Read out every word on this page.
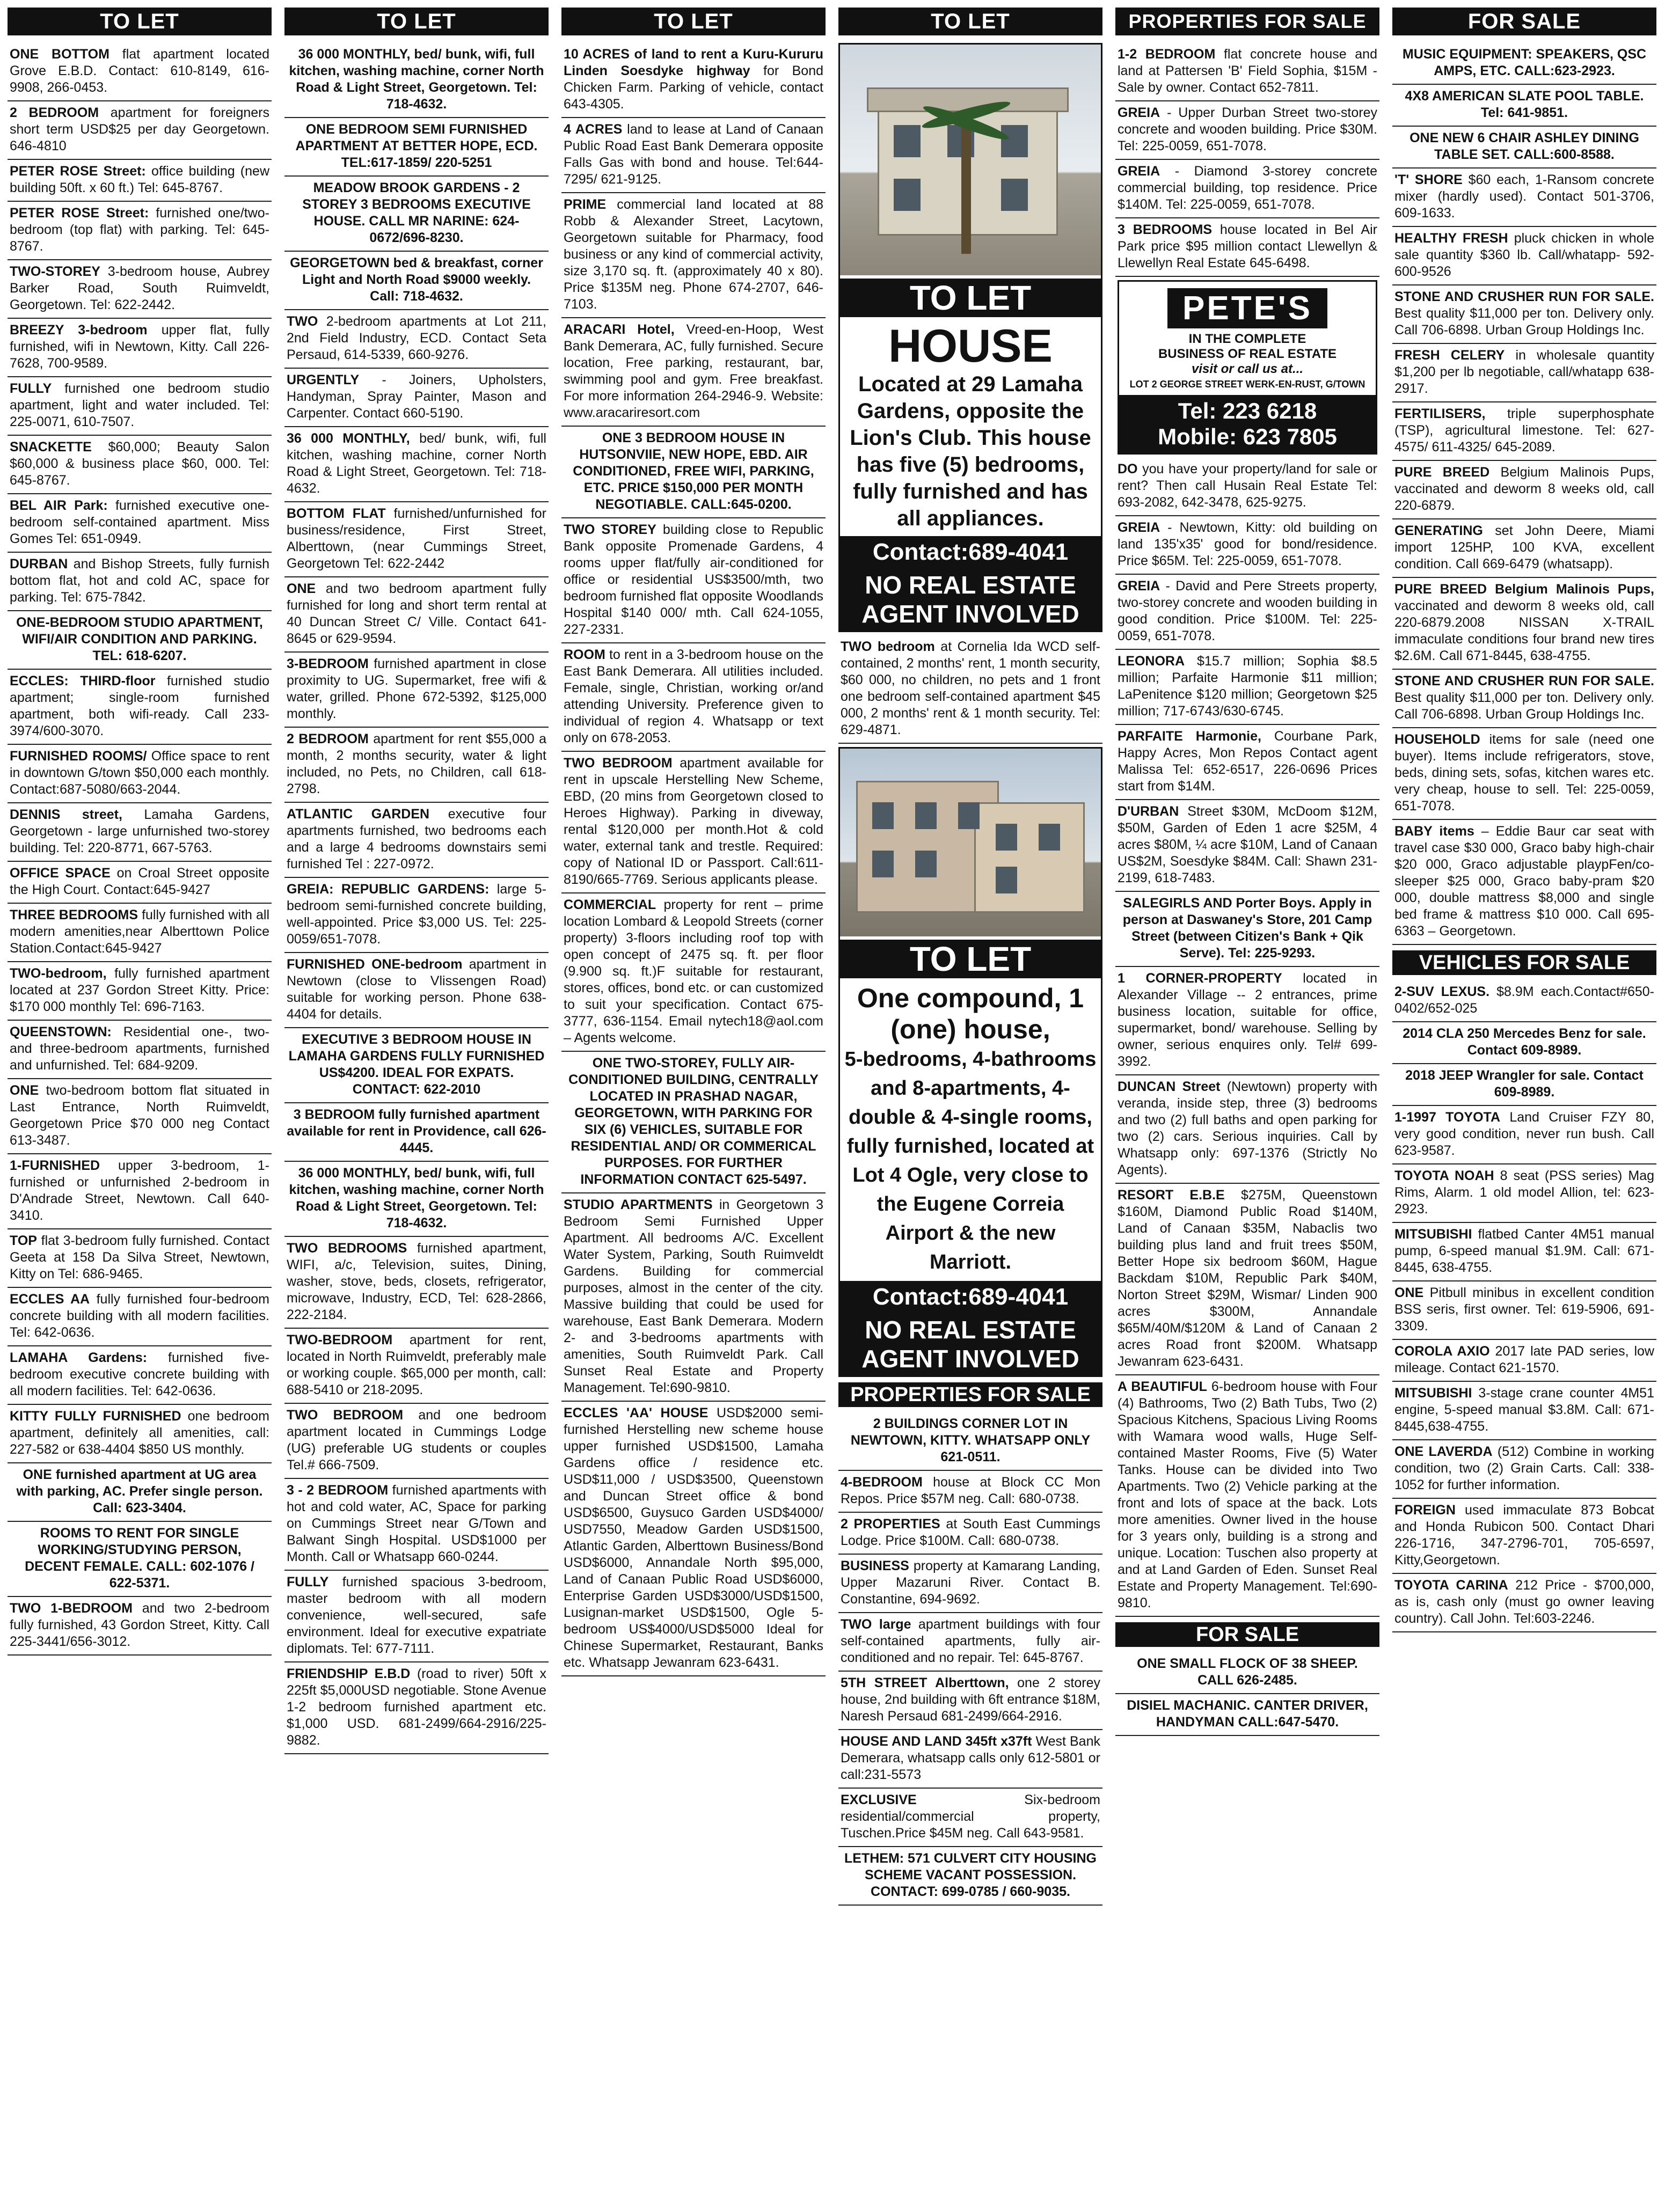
TO LET
ONE BOTTOM flat apartment located Grove E.B.D. Contact: 610-8149, 616-9908, 266-0453.
2 BEDROOM apartment for foreigners short term USD$25 per day Georgetown. 646-4810
PETER ROSE Street: office building (new building 50ft. x 60 ft.) Tel: 645-8767.
PETER ROSE Street: furnished one/two-bedroom (top flat) with parking. Tel: 645-8767.
TWO-STOREY 3-bedroom house, Aubrey Barker Road, South Ruimveldt, Georgetown. Tel: 622-2442.
BREEZY 3-bedroom upper flat, fully furnished, wifi in Newtown, Kitty. Call 226-7628, 700-9589.
FULLY furnished one bedroom studio apartment, light and water included. Tel: 225-0071, 610-7507.
SNACKETTE $60,000; Beauty Salon $60,000 & business place $60, 000. Tel: 645-8767.
BEL AIR Park: furnished executive one-bedroom self-contained apartment. Miss Gomes Tel: 651-0949.
DURBAN and Bishop Streets, fully furnish bottom flat, hot and cold AC, space for parking. Tel: 675-7842.
ONE-BEDROOM STUDIO APARTMENT, WIFI/AIR CONDITION AND PARKING. TEL: 618-6207.
ECCLES: THIRD-floor furnished studio apartment; single-room furnished apartment, both wifi-ready. Call 233-3974/600-3070.
FURNISHED ROOMS/ Office space to rent in downtown G/town $50,000 each monthly. Contact:687-5080/663-2044.
DENNIS street, Lamaha Gardens, Georgetown - large unfurnished two-storey building. Tel: 220-8771, 667-5763.
OFFICE SPACE on Croal Street opposite the High Court. Contact:645-9427
THREE BEDROOMS fully furnished with all modern amenities,near Alberttown Police Station.Contact:645-9427
TWO-bedroom, fully furnished apartment located at 237 Gordon Street Kitty. Price: $170 000 monthly Tel: 696-7163.
QUEENSTOWN: Residential one-, two- and three-bedroom apartments, furnished and unfurnished. Tel: 684-9209.
ONE two-bedroom bottom flat situated in Last Entrance, North Ruimveldt, Georgetown Price $70 000 neg Contact 613-3487.
1-FURNISHED upper 3-bedroom, 1-furnished or unfurnished 2-bedroom in D'Andrade Street, Newtown. Call 640-3410.
TOP flat 3-bedroom fully furnished. Contact Geeta at 158 Da Silva Street, Newtown, Kitty on Tel: 686-9465.
ECCLES AA fully furnished four-bedroom concrete building with all modern facilities. Tel: 642-0636.
LAMAHA Gardens: furnished five-bedroom executive concrete building with all modern facilities. Tel: 642-0636.
KITTY FULLY FURNISHED one bedroom apartment, definitely all amenities, call: 227-582 or 638-4404 $850 US monthly.
ONE furnished apartment at UG area with parking, AC. Prefer single person. Call: 623-3404.
ROOMS TO RENT FOR SINGLE WORKING/STUDYING PERSON, DECENT FEMALE. CALL: 602-1076 / 622-5371.
TWO 1-BEDROOM and two 2-bedroom fully furnished, 43 Gordon Street, Kitty. Call 225-3441/656-3012.
TO LET
36 000 MONTHLY, bed/ bunk, wifi, full kitchen, washing machine, corner North Road & Light Street, Georgetown. Tel: 718-4632.
ONE BEDROOM SEMI FURNISHED APARTMENT AT BETTER HOPE, ECD. TEL:617-1859/ 220-5251
MEADOW BROOK GARDENS - 2 STOREY 3 BEDROOMS EXECUTIVE HOUSE. CALL MR NARINE: 624-0672/696-8230.
GEORGETOWN bed & breakfast, corner Light and North Road $9000 weekly. Call: 718-4632.
TWO 2-bedroom apartments at Lot 211, 2nd Field Industry, ECD. Contact Seta Persaud, 614-5339, 660-9276.
URGENTLY - Joiners, Upholsters, Handyman, Spray Painter, Mason and Carpenter. Contact 660-5190.
36 000 MONTHLY, bed/ bunk, wifi, full kitchen, washing machine, corner North Road & Light Street, Georgetown. Tel: 718-4632.
BOTTOM FLAT furnished/unfurnished for business/residence, First Street, Alberttown, (near Cummings Street, Georgetown Tel: 622-2442
ONE and two bedroom apartment fully furnished for long and short term rental at 40 Duncan Street C/ Ville. Contact 641-8645 or 629-9594.
3-BEDROOM furnished apartment in close proximity to UG. Supermarket, free wifi & water, grilled. Phone 672-5392, $125,000 monthly.
2 BEDROOM apartment for rent $55,000 a month, 2 months security, water & light included, no Pets, no Children, call 618-2798.
ATLANTIC GARDEN executive four apartments furnished, two bedrooms each and a large 4 bedrooms downstairs semi furnished Tel : 227-0972.
GREIA: REPUBLIC GARDENS: large 5-bedroom semi-furnished concrete building, well-appointed. Price $3,000 US. Tel: 225-0059/651-7078.
FURNISHED ONE-bedroom apartment in Newtown (close to Vlissengen Road) suitable for working person. Phone 638-4404 for details.
EXECUTIVE 3 BEDROOM HOUSE IN LAMAHA GARDENS FULLY FURNISHED US$4200. IDEAL FOR EXPATS. CONTACT: 622-2010
3 BEDROOM fully furnished apartment available for rent in Providence, call 626-4445.
36 000 MONTHLY, bed/ bunk, wifi, full kitchen, washing machine, corner North Road & Light Street, Georgetown. Tel: 718-4632.
TWO BEDROOMS furnished apartment, WIFI, a/c, Television, suites, Dining, washer, stove, beds, closets, refrigerator, microwave, Industry, ECD, Tel: 628-2866, 222-2184.
TWO-BEDROOM apartment for rent, located in North Ruimveldt, preferably male or working couple. $65,000 per month, call: 688-5410 or 218-2095.
TWO BEDROOM and one bedroom apartment located in Cummings Lodge (UG) preferable UG students or couples Tel.# 666-7509.
3 - 2 BEDROOM furnished apartments with hot and cold water, AC, Space for parking on Cummings Street near G/Town and Balwant Singh Hospital. USD$1000 per Month. Call or Whatsapp 660-0244.
FULLY furnished spacious 3-bedroom, master bedroom with all modern convenience, well-secured, safe environment. Ideal for executive expatriate diplomats. Tel: 677-7111.
FRIENDSHIP E.B.D (road to river) 50ft x 225ft $5,000USD negotiable. Stone Avenue 1-2 bedroom furnished apartment etc. $1,000 USD. 681-2499/664-2916/225-9882.
TO LET
10 ACRES of land to rent a Kuru-Kururu Linden Soesdyke highway for Bond Chicken Farm. Parking of vehicle, contact 643-4305.
4 ACRES land to lease at Land of Canaan Public Road East Bank Demerara opposite Falls Gas with bond and house. Tel:644-7295/ 621-9125.
PRIME commercial land located at 88 Robb & Alexander Street, Lacytown, Georgetown suitable for Pharmacy, food business or any kind of commercial activity, size 3,170 sq. ft. (approximately 40 x 80). Price $135M neg. Phone 674-2707, 646-7103.
ARACARI Hotel, Vreed-en-Hoop, West Bank Demerara, AC, fully furnished. Secure location, Free parking, restaurant, bar, swimming pool and gym. Free breakfast. For more information 264-2946-9. Website: www.aracariresort.com
ONE 3 BEDROOM HOUSE IN HUTSONVIIE, NEW HOPE, EBD. AIR CONDITIONED, FREE WIFI, PARKING, ETC. PRICE $150,000 PER MONTH NEGOTIABLE. CALL:645-0200.
TWO STOREY building close to Republic Bank opposite Promenade Gardens, 4 rooms upper flat/fully air-conditioned for office or residential US$3500/mth, two bedroom furnished flat opposite Woodlands Hospital $140 000/ mth. Call 624-1055, 227-2331.
ROOM to rent in a 3-bedroom house on the East Bank Demerara. All utilities included. Female, single, Christian, working or/and attending University. Preference given to individual of region 4. Whatsapp or text only on 678-2053.
TWO BEDROOM apartment available for rent in upscale Herstelling New Scheme, EBD, (20 mins from Georgetown closed to Heroes Highway). Parking in diveway, rental $120,000 per month.Hot & cold water, external tank and trestle. Required: copy of National ID or Passport. Call:611-8190/665-7769. Serious applicants please.
COMMERCIAL property for rent – prime location Lombard & Leopold Streets (corner property) 3-floors including roof top with open concept of 2475 sq. ft. per floor (9.900 sq. ft.)F suitable for restaurant, stores, offices, bond etc. or can customized to suit your specification. Contact 675-3777, 636-1154. Email nytech18@aol.com – Agents welcome.
ONE TWO-STOREY, FULLY AIR-CONDITIONED BUILDING, CENTRALLY LOCATED IN PRASHAD NAGAR, GEORGETOWN, WITH PARKING FOR SIX (6) VEHICLES, SUITABLE FOR RESIDENTIAL AND/ OR COMMERICAL PURPOSES. FOR FURTHER INFORMATION CONTACT 625-5497.
STUDIO APARTMENTS in Georgetown 3 Bedroom Semi Furnished Upper Apartment. All bedrooms A/C. Excellent Water System, Parking, South Ruimveldt Gardens. Building for commercial purposes, almost in the center of the city. Massive building that could be used for warehouse, East Bank Demerara. Modern 2- and 3-bedrooms apartments with amenities, South Ruimveldt Park. Call Sunset Real Estate and Property Management. Tel:690-9810.
ECCLES 'AA' HOUSE USD$2000 semi- furnished Herstelling new scheme house upper furnished USD$1500, Lamaha Gardens office / residence etc. USD$11,000 / USD$3500, Queenstown and Duncan Street office & bond USD$6500, Guysuco Garden USD$4000/ USD7550, Meadow Garden USD$1500, Atlantic Garden, Alberttown Business/Bond USD$6000, Annandale North $95,000, Land of Canaan Public Road USD$6000, Enterprise Garden USD$3000/USD$1500, Lusignan-market USD$1500, Ogle 5-bedroom US$4000/USD$5000 Ideal for Chinese Supermarket, Restaurant, Banks etc. Whatsapp Jewanram 623-6431.
TO LET
TO LET
HOUSE
Located at 29 Lamaha Gardens, opposite the Lion's Club. This house has five (5) bedrooms, fully furnished and has all appliances.
Contact:689-4041
NO REAL ESTATE AGENT INVOLVED
TWO bedroom at Cornelia Ida WCD self-contained, 2 months' rent, 1 month security, $60 000, no children, no pets and 1 front one bedroom self-contained apartment $45 000, 2 months' rent & 1 month security. Tel: 629-4871.
TO LET
One compound, 1 (one) house,
5-bedrooms, 4-bathrooms and 8-apartments, 4-double & 4-single rooms, fully furnished, located at Lot 4 Ogle, very close to the Eugene Correia Airport & the new Marriott.
Contact:689-4041
NO REAL ESTATE AGENT INVOLVED
PROPERTIES FOR SALE
2 BUILDINGS CORNER LOT IN NEWTOWN, KITTY. WHATSAPP ONLY 621-0511.
4-BEDROOM house at Block CC Mon Repos. Price $57M neg. Call: 680-0738.
2 PROPERTIES at South East Cummings Lodge. Price $100M. Call: 680-0738.
BUSINESS property at Kamarang Landing, Upper Mazaruni River. Contact B. Constantine, 694-9692.
TWO large apartment buildings with four self-contained apartments, fully air-conditioned and no repair. Tel: 645-8767.
5TH STREET Alberttown, one 2 storey house, 2nd building with 6ft entrance $18M, Naresh Persaud 681-2499/664-2916.
HOUSE AND LAND 345ft x37ft West Bank Demerara, whatsapp calls only 612-5801 or call:231-5573
EXCLUSIVE Six-bedroom residential/commercial property, Tuschen.Price $45M neg. Call 643-9581.
LETHEM: 571 CULVERT CITY HOUSING SCHEME VACANT POSSESSION. CONTACT: 699-0785 / 660-9035.
PROPERTIES FOR SALE
1-2 BEDROOM flat concrete house and land at Pattersen 'B' Field Sophia, $15M - Sale by owner. Contact 652-7811.
GREIA - Upper Durban Street two-storey concrete and wooden building. Price $30M. Tel: 225-0059, 651-7078.
GREIA - Diamond 3-storey concrete commercial building, top residence. Price $140M. Tel: 225-0059, 651-7078.
3 BEDROOMS house located in Bel Air Park price $95 million contact Llewellyn & Llewellyn Real Estate 645-6498.
PETE'S
IN THE COMPLETE
BUSINESS OF REAL ESTATE
visit or call us at...
LOT 2 GEORGE STREET WERK-EN-RUST, G/TOWN
Tel: 223 6218
Mobile: 623 7805
DO you have your property/land for sale or rent? Then call Husain Real Estate Tel: 693-2082, 642-3478, 625-9275.
GREIA - Newtown, Kitty: old building on land 135'x35' good for bond/residence. Price $65M. Tel: 225-0059, 651-7078.
GREIA - David and Pere Streets property, two-storey concrete and wooden building in good condition. Price $100M. Tel: 225-0059, 651-7078.
LEONORA $15.7 million; Sophia $8.5 million; Parfaite Harmonie $11 million; LaPenitence $120 million; Georgetown $25 million; 717-6743/630-6745.
PARFAITE Harmonie, Courbane Park, Happy Acres, Mon Repos Contact agent Malissa Tel: 652-6517, 226-0696 Prices start from $14M.
D'URBAN Street $30M, McDoom $12M, $50M, Garden of Eden 1 acre $25M, 4 acres $80M, ¼ acre $10M, Land of Canaan US$2M, Soesdyke $84M. Call: Shawn 231-2199, 618-7483.
SALEGIRLS AND Porter Boys. Apply in person at Daswaney's Store, 201 Camp Street (between Citizen's Bank + Qik Serve). Tel: 225-9293.
1 CORNER-PROPERTY located in Alexander Village -- 2 entrances, prime business location, suitable for office, supermarket, bond/ warehouse. Selling by owner, serious enquires only. Tel# 699-3992.
DUNCAN Street (Newtown) property with veranda, inside step, three (3) bedrooms and two (2) full baths and open parking for two (2) cars. Serious inquiries. Call by Whatsapp only: 697-1376 (Strictly No Agents).
RESORT E.B.E $275M, Queenstown $160M, Diamond Public Road $140M, Land of Canaan $35M, Nabaclis two building plus land and fruit trees $50M, Better Hope six bedroom $60M, Hague Backdam $10M, Republic Park $40M, Norton Street $29M, Wismar/ Linden 900 acres $300M, Annandale $65M/40M/$120M & Land of Canaan 2 acres Road front $200M. Whatsapp Jewanram 623-6431.
A BEAUTIFUL 6-bedroom house with Four (4) Bathrooms, Two (2) Bath Tubs, Two (2) Spacious Kitchens, Spacious Living Rooms with Wamara wood walls, Huge Self-contained Master Rooms, Five (5) Water Tanks. House can be divided into Two Apartments. Two (2) Vehicle parking at the front and lots of space at the back. Lots more amenities. Owner lived in the house for 3 years only, building is a strong and unique. Location: Tuschen also property at and at Land Garden of Eden. Sunset Real Estate and Property Management. Tel:690-9810.
FOR SALE
ONE SMALL FLOCK OF 38 SHEEP. CALL 626-2485.
DISIEL MACHANIC. CANTER DRIVER, HANDYMAN CALL:647-5470.
FOR SALE
MUSIC EQUIPMENT: SPEAKERS, QSC AMPS, ETC. CALL:623-2923.
4X8 AMERICAN SLATE POOL TABLE. Tel: 641-9851.
ONE NEW 6 CHAIR ASHLEY DINING TABLE SET. CALL:600-8588.
'T' SHORE $60 each, 1-Ransom concrete mixer (hardly used). Contact 501-3706, 609-1633.
HEALTHY FRESH pluck chicken in whole sale quantity $360 lb. Call/whatapp- 592-600-9526
STONE AND CRUSHER RUN FOR SALE. Best quality $11,000 per ton. Delivery only. Call 706-6898. Urban Group Holdings Inc.
FRESH CELERY in wholesale quantity $1,200 per lb negotiable, call/whatapp 638-2917.
FERTILISERS, triple superphosphate (TSP), agricultural limestone. Tel: 627-4575/ 611-4325/ 645-2089.
PURE BREED Belgium Malinois Pups, vaccinated and deworm 8 weeks old, call 220-6879.
GENERATING set John Deere, Miami import 125HP, 100 KVA, excellent condition. Call 669-6479 (whatsapp).
PURE BREED Belgium Malinois Pups, vaccinated and deworm 8 weeks old, call 220-6879.2008 NISSAN X-TRAIL immaculate conditions four brand new tires $2.6M. Call 671-8445, 638-4755.
STONE AND CRUSHER RUN FOR SALE. Best quality $11,000 per ton. Delivery only. Call 706-6898. Urban Group Holdings Inc.
HOUSEHOLD items for sale (need one buyer). Items include refrigerators, stove, beds, dining sets, sofas, kitchen wares etc. very cheap, house to sell. Tel: 225-0059, 651-7078.
BABY items – Eddie Baur car seat with travel case $30 000, Graco baby high-chair $20 000, Graco adjustable playpFen/co-sleeper $25 000, Graco baby-pram $20 000, double mattress $8,000 and single bed frame & mattress $10 000. Call 695-6363 – Georgetown.
VEHICLES FOR SALE
2-SUV LEXUS. $8.9M each.Contact#650-0402/652-025
2014 CLA 250 Mercedes Benz for sale. Contact 609-8989.
2018 JEEP Wrangler for sale. Contact 609-8989.
1-1997 TOYOTA Land Cruiser FZY 80, very good condition, never run bush. Call 623-9587.
TOYOTA NOAH 8 seat (PSS series) Mag Rims, Alarm. 1 old model Allion, tel: 623-2923.
MITSUBISHI flatbed Canter 4M51 manual pump, 6-speed manual $1.9M. Call: 671-8445, 638-4755.
ONE Pitbull minibus in excellent condition BSS seris, first owner. Tel: 619-5906, 691-3309.
COROLA AXIO 2017 late PAD series, low mileage. Contact 621-1570.
MITSUBISHI 3-stage crane counter 4M51 engine, 5-speed manual $3.8M. Call: 671-8445,638-4755.
ONE LAVERDA (512) Combine in working condition, two (2) Grain Carts. Call: 338-1052 for further information.
FOREIGN used immaculate 873 Bobcat and Honda Rubicon 500. Contact Dhari 226-1716, 347-2796-701, 705-6597, Kitty,Georgetown.
TOYOTA CARINA 212 Price - $700,000, as is, cash only (must go owner leaving country). Call John. Tel:603-2246.
